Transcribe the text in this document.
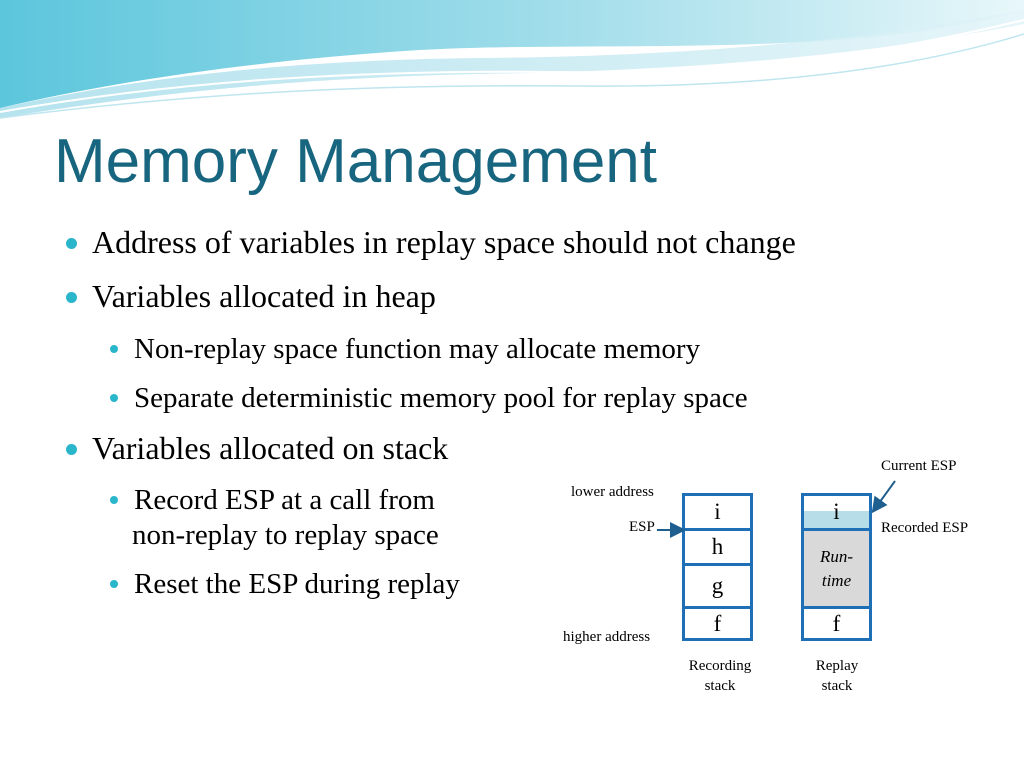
Memory Management
Address of variables in replay space should not change
Variables allocated in heap
Non-replay space function may allocate memory
Separate deterministic memory pool for replay space
Variables allocated on stack
Record ESP at a call from
non-replay to replay space
Reset the ESP during replay
lower address
higher address
ESP
Current ESP
Recorded ESP
i
h
g
f
i
Run-
time
f
Recording
stack
Replay
stack
